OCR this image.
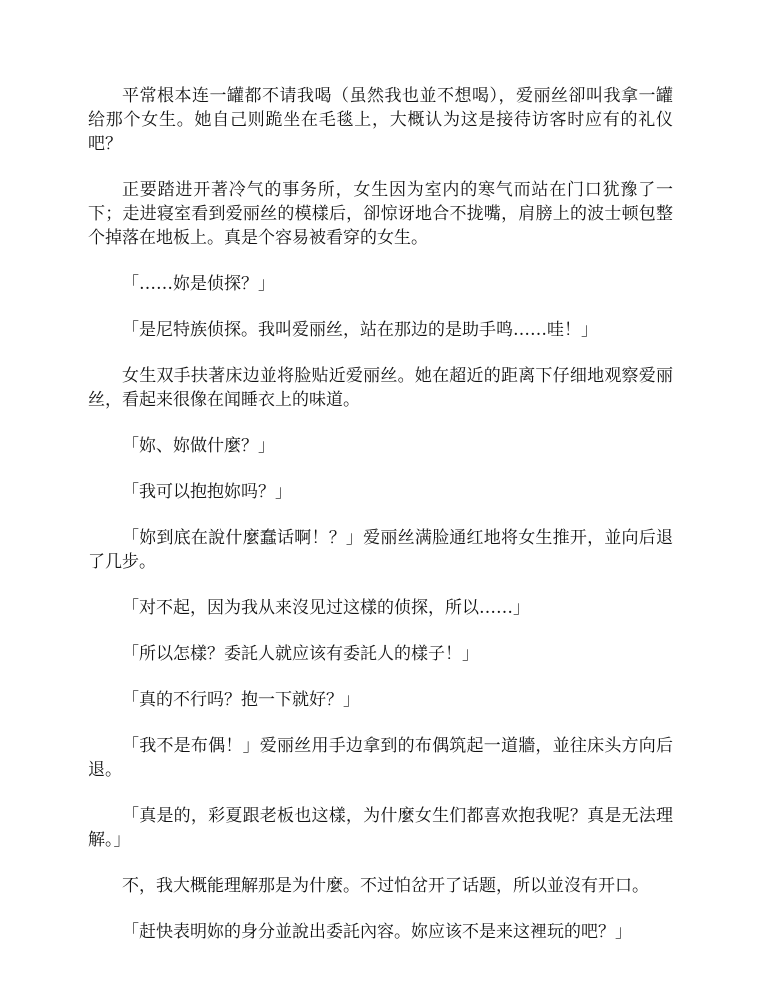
平常根本连一罐都不请我喝（虽然我也並不想喝），爱丽丝卻叫我拿一罐给那个女生。她自己则跪坐在毛毯上，大概认为这是接待访客时应有的礼仪吧？

正要踏进开著冷气的事务所，女生因为室内的寒气而站在门口犹豫了一下；走进寝室看到爱丽丝的模樣后，卻惊讶地合不拢嘴，肩膀上的波士顿包整个掉落在地板上。真是个容易被看穿的女生。

「……妳是侦探？」

「是尼特族侦探。我叫爱丽丝，站在那边的是助手鸣……哇！」

女生双手扶著床边並将脸贴近爱丽丝。她在超近的距离下仔细地观察爱丽丝，看起来很像在闻睡衣上的味道。

「妳、妳做什麼？」

「我可以抱抱妳吗？」

「妳到底在說什麼蠢话啊！？」爱丽丝满脸通红地将女生推开，並向后退了几步。

「对不起，因为我从来沒见过这樣的侦探，所以……」

「所以怎樣？委託人就应该有委託人的樣子！」

「真的不行吗？抱一下就好？」

「我不是布偶！」爱丽丝用手边拿到的布偶筑起一道牆，並往床头方向后退。

「真是的，彩夏跟老板也这樣，为什麼女生们都喜欢抱我呢？真是无法理解。」

不，我大概能理解那是为什麼。不过怕岔开了话题，所以並沒有开口。

「赶快表明妳的身分並說出委託內容。妳应该不是来这裡玩的吧？」
